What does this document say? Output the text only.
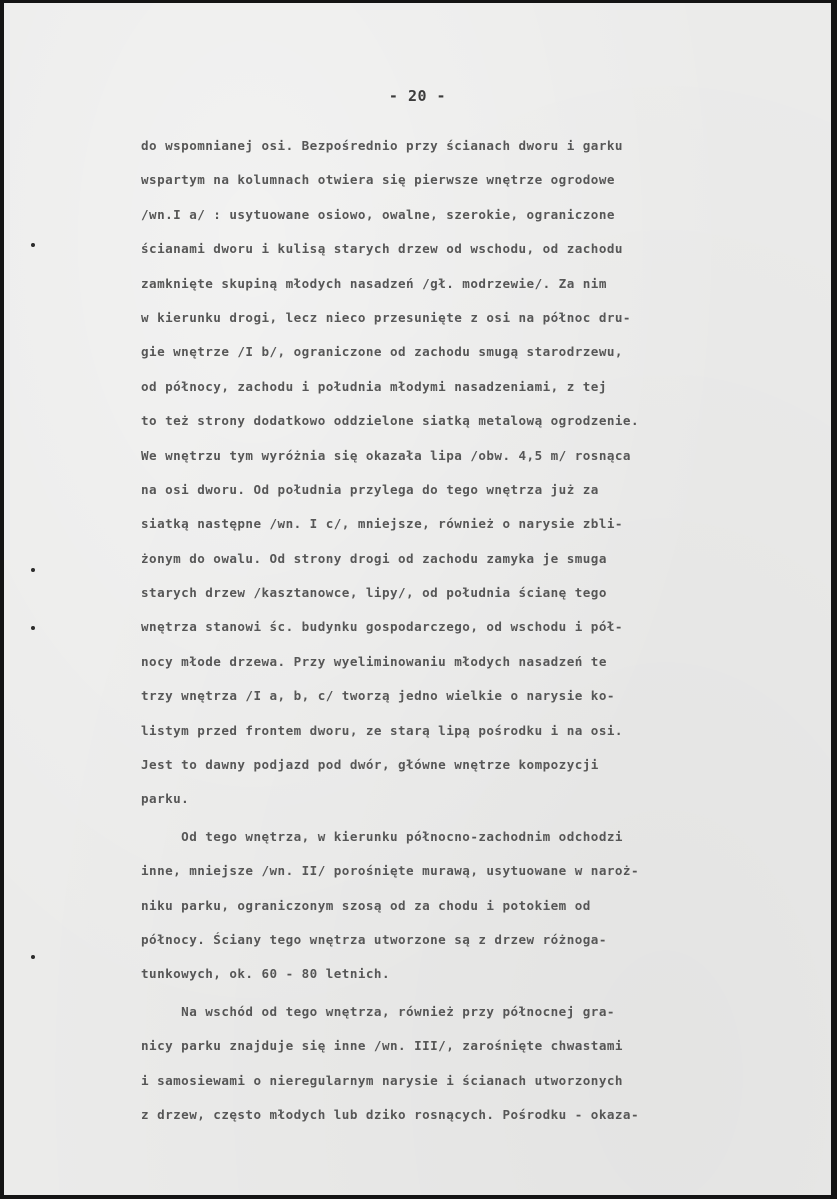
- 20 -
do wspomnianej osi. Bezpośrednio przy ścianach dworu i garku
wspartym na kolumnach otwiera się pierwsze wnętrze ogrodowe
/wn.I a/ : usytuowane osiowo, owalne, szerokie, ograniczone
ścianami dworu i kulisą starych drzew od wschodu, od zachodu
zamknięte skupiną młodych nasadzeń /gł. modrzewie/. Za nim
w kierunku drogi, lecz nieco przesunięte z osi na północ dru-
gie wnętrze /I b/, ograniczone od zachodu smugą starodrzewu,
od północy, zachodu i południa młodymi nasadzeniami, z tej
to też strony dodatkowo oddzielone siatką metalową ogrodzenie.
We wnętrzu tym wyróżnia się okazała lipa /obw. 4,5 m/ rosnąca
na osi dworu. Od południa przylega do tego wnętrza już za
siatką następne /wn. I c/, mniejsze, również o narysie zbli-
żonym do owalu. Od strony drogi od zachodu zamyka je smuga
starych drzew /kasztanowce, lipy/, od południa ścianę tego
wnętrza stanowi śc. budynku gospodarczego, od wschodu i pół-
nocy młode drzewa. Przy wyeliminowaniu młodych nasadzeń te
trzy wnętrza /I a, b, c/ tworzą jedno wielkie o narysie ko-
listym przed frontem dworu, ze starą lipą pośrodku i na osi.
Jest to dawny podjazd pod dwór, główne wnętrze kompozycji
parku.
Od tego wnętrza, w kierunku północno-zachodnim odchodzi
inne, mniejsze /wn. II/ porośnięte murawą, usytuowane w naroż-
niku parku, ograniczonym szosą od za chodu i potokiem od
północy. Ściany tego wnętrza utworzone są z drzew różnoga-
tunkowych, ok. 60 - 80 letnich.
Na wschód od tego wnętrza, również przy północnej gra-
nicy parku znajduje się inne /wn. III/, zarośnięte chwastami
i samosiewami o nieregularnym narysie i ścianach utworzonych
z drzew, często młodych lub dziko rosnących. Pośrodku - okaza-
